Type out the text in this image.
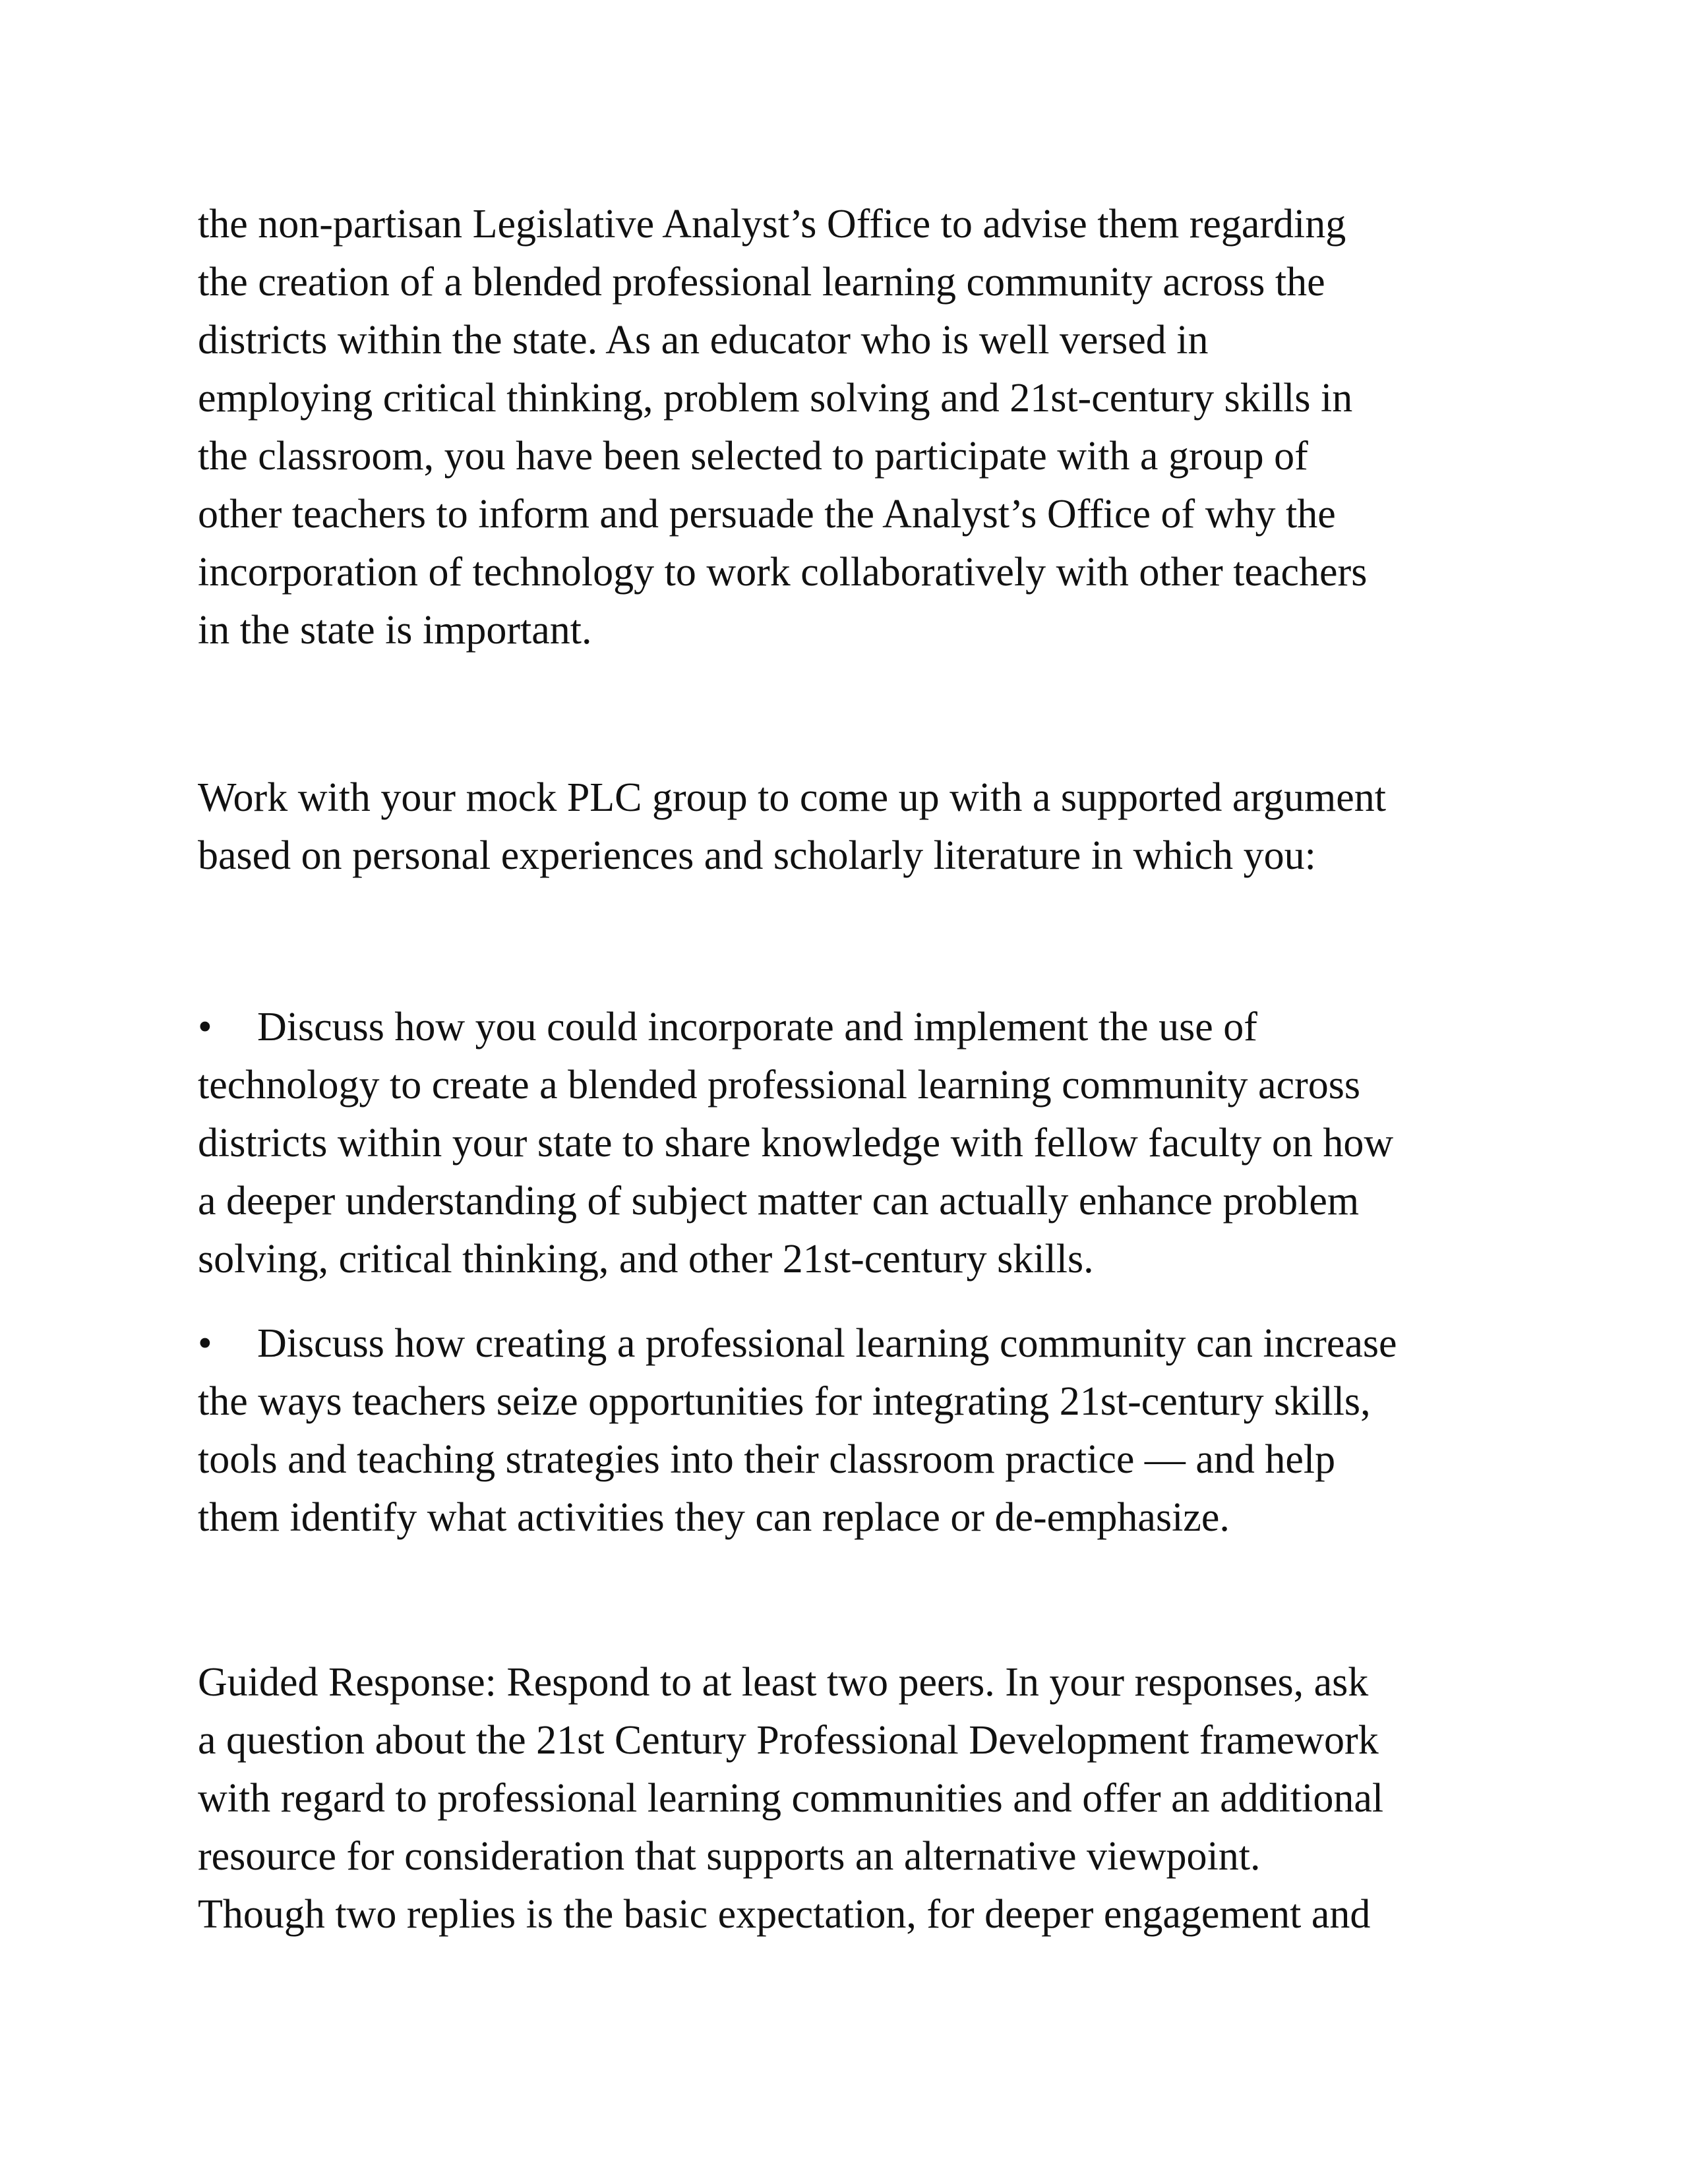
the non-partisan Legislative Analyst’s Office to advise them regarding
the creation of a blended professional learning community across the
districts within the state. As an educator who is well versed in
employing critical thinking, problem solving and 21st-century skills in
the classroom, you have been selected to participate with a group of
other teachers to inform and persuade the Analyst’s Office of why the
incorporation of technology to work collaboratively with other teachers
in the state is important.

Work with your mock PLC group to come up with a supported argument
based on personal experiences and scholarly literature in which you:

• Discuss how you could incorporate and implement the use of
technology to create a blended professional learning community across
districts within your state to share knowledge with fellow faculty on how
a deeper understanding of subject matter can actually enhance problem
solving, critical thinking, and other 21st-century skills.
• Discuss how creating a professional learning community can increase
the ways teachers seize opportunities for integrating 21st-century skills,
tools and teaching strategies into their classroom practice — and help
them identify what activities they can replace or de-emphasize.

Guided Response: Respond to at least two peers. In your responses, ask
a question about the 21st Century Professional Development framework
with regard to professional learning communities and offer an additional
resource for consideration that supports an alternative viewpoint.
Though two replies is the basic expectation, for deeper engagement and
